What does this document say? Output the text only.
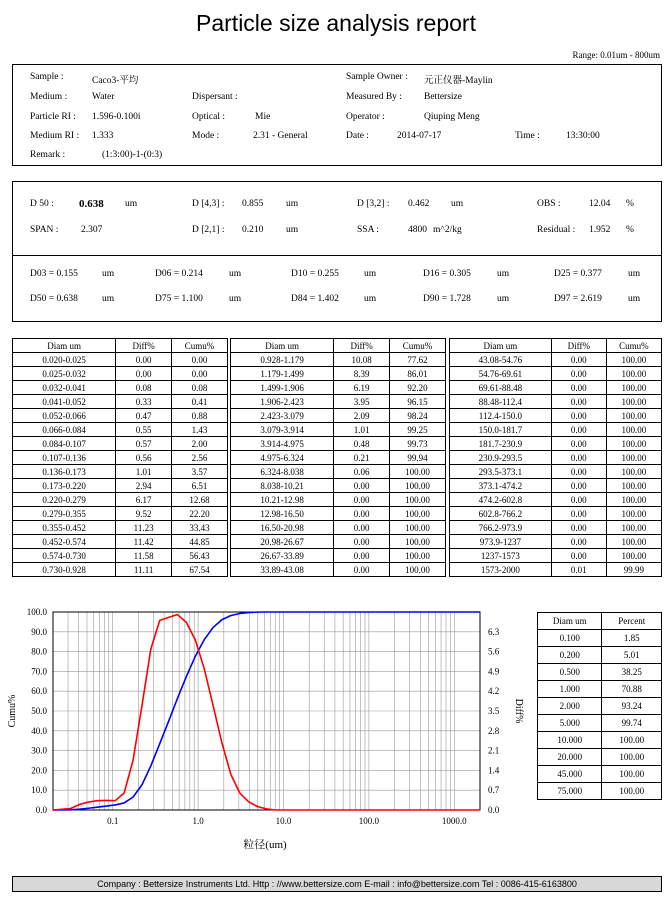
Particle size analysis report
Range: 0.01um - 800um
Sample :	Caco3-平均	Sample Owner : 元正仪器-Maylin
Medium :	Water	Dispersant :	Measured By : Bettersize
Particle RI : 1.596-0.100i	Optical :	Mie	Operator :	Qiuping Meng
Medium RI : 1.333	Mode :	2.31 - General	Date :	2014-07-17	Time :	13:30:00
Remark :	(1:3:00)-1-(0:3)
D 50 : 0.638 um	D [4,3] : 0.855 um	D [3,2] : 0.462 um	OBS :	12.04 %
SPAN : 2.307	D [2,1] : 0.210 um	SSA :	4800 m^2/kg	Residual : 1.952 %
D03 = 0.155	um	D06 = 0.214	um	D10 = 0.255	um	D16 = 0.305	um	D25 = 0.377	um
D50 = 0.638	um	D75 = 1.100	um	D84 = 1.402	um	D90 = 1.728	um	D97 = 2.619	um
Diam um	Diff%	Cumu%
0.020-0.025	0.00	0.00
0.025-0.032	0.00	0.00
0.032-0.041	0.08	0.08
0.041-0.052	0.33	0.41
0.052-0.066	0.47	0.88
0.066-0.084	0.55	1.43
0.084-0.107	0.57	2.00
0.107-0.136	0.56	2.56
0.136-0.173	1.01	3.57
0.173-0.220	2.94	6.51
0.220-0.279	6.17	12.68
0.279-0.355	9.52	22.20
0.355-0.452	11.23	33.43
0.452-0.574	11.42	44.85
0.574-0.730	11.58	56.43
0.730-0.928	11.11	67.54
Diam um	Diff%	Cumu%
0.928-1.179	10.08	77.62
1.179-1.499	8.39	86.01
1.499-1.906	6.19	92.20
1.906-2.423	3.95	96.15
2.423-3.079	2.09	98.24
3.079-3.914	1.01	99.25
3.914-4.975	0.48	99.73
4.975-6.324	0.21	99.94
6.324-8.038	0.06	100.00
8.038-10.21	0.00	100.00
10.21-12.98	0.00	100.00
12.98-16.50	0.00	100.00
16.50-20.98	0.00	100.00
20.98-26.67	0.00	100.00
26.67-33.89	0.00	100.00
33.89-43.08	0.00	100.00
Diam um	Diff%	Cumu%
43.08-54.76	0.00	100.00
54.76-69.61	0.00	100.00
69.61-88.48	0.00	100.00
88.48-112.4	0.00	100.00
112.4-150.0	0.00	100.00
150.0-181.7	0.00	100.00
181.7-230.9	0.00	100.00
230.9-293.5	0.00	100.00
293.5-373.1	0.00	100.00
373.1-474.2	0.00	100.00
474.2-602.8	0.00	100.00
602.8-766.2	0.00	100.00
766.2-973.9	0.00	100.00
973.9-1237	0.00	100.00
1237-1573	0.00	100.00
1573-2000	0.01	99.99
0.0
10.0
20.0
30.0
40.0
50.0
60.0
70.0
80.0
90.0
100.0
0.0
0.7
1.4
2.1
2.8
3.5
4.2
4.9
5.6
6.3
0.1	1.0	10.0	100.0	1000.0
粒径(um)
Cumu%	Diff%
Diam um	Percent
0.100	1.85
0.200	5.01
0.500	38.25
1.000	70.88
2.000	93.24
5.000	99.74
10.000	100.00
20.000	100.00
45.000	100.00
75.000	100.00
Company : Bettersize Instruments Ltd. Http : //www.bettersize.com E-mail : info@bettersize.com Tel : 0086-415-6163800
